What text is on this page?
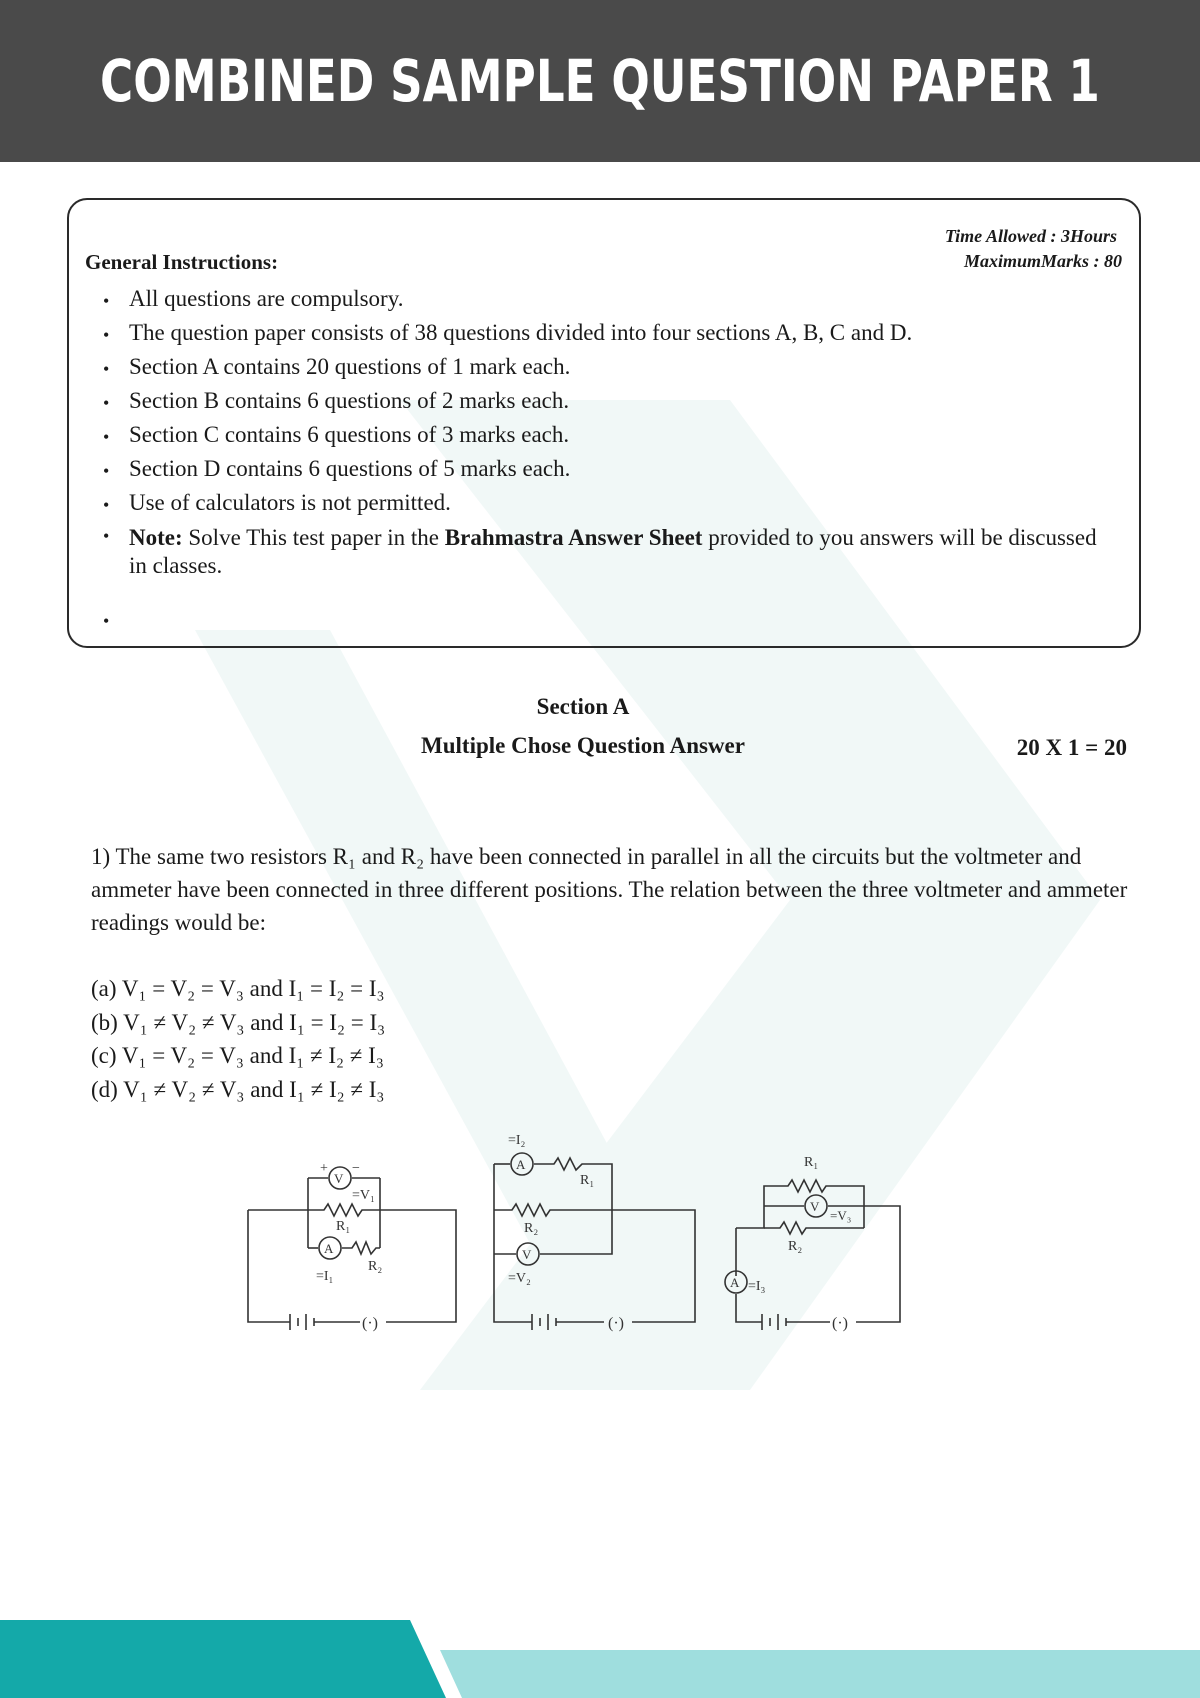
COMBINED SAMPLE QUESTION PAPER 1
Time Allowed : 3Hours
MaximumMarks : 80
General Instructions:
• All questions are compulsory.
• The question paper consists of 38 questions divided into four sections A, B, C and D.
• Section A contains 20 questions of 1 mark each.
• Section B contains 6 questions of 2 marks each.
• Section C contains 6 questions of 3 marks each.
• Section D contains 6 questions of 5 marks each.
• Use of calculators is not permitted.
• Note: Solve This test paper in the Brahmastra Answer Sheet provided to you answers will be discussed in classes.
•
Section A
Multiple Chose Question Answer	20 X 1 = 20
1) The same two resistors R₁ and R₂ have been connected in parallel in all the circuits but the voltmeter and ammeter have been connected in three different positions. The relation between the three voltmeter and ammeter readings would be:
(a) V₁ = V₂ = V₃ and I₁ = I₂ = I₃
(b) V₁ ≠ V₂ ≠ V₃ and I₁ = I₂ = I₃
(c) V₁ = V₂ = V₃ and I₁ ≠ I₂ ≠ I₃
(d) V₁ ≠ V₂ ≠ V₃ and I₁ ≠ I₂ ≠ I₃
(·)
V
+ −
=V₁
R₁
A
R₂
=I₁
(·)
A
=I₂
R₁
R₂
V
=V₂	A =I₃
(·)
R₁
V
=V₃
R₂
